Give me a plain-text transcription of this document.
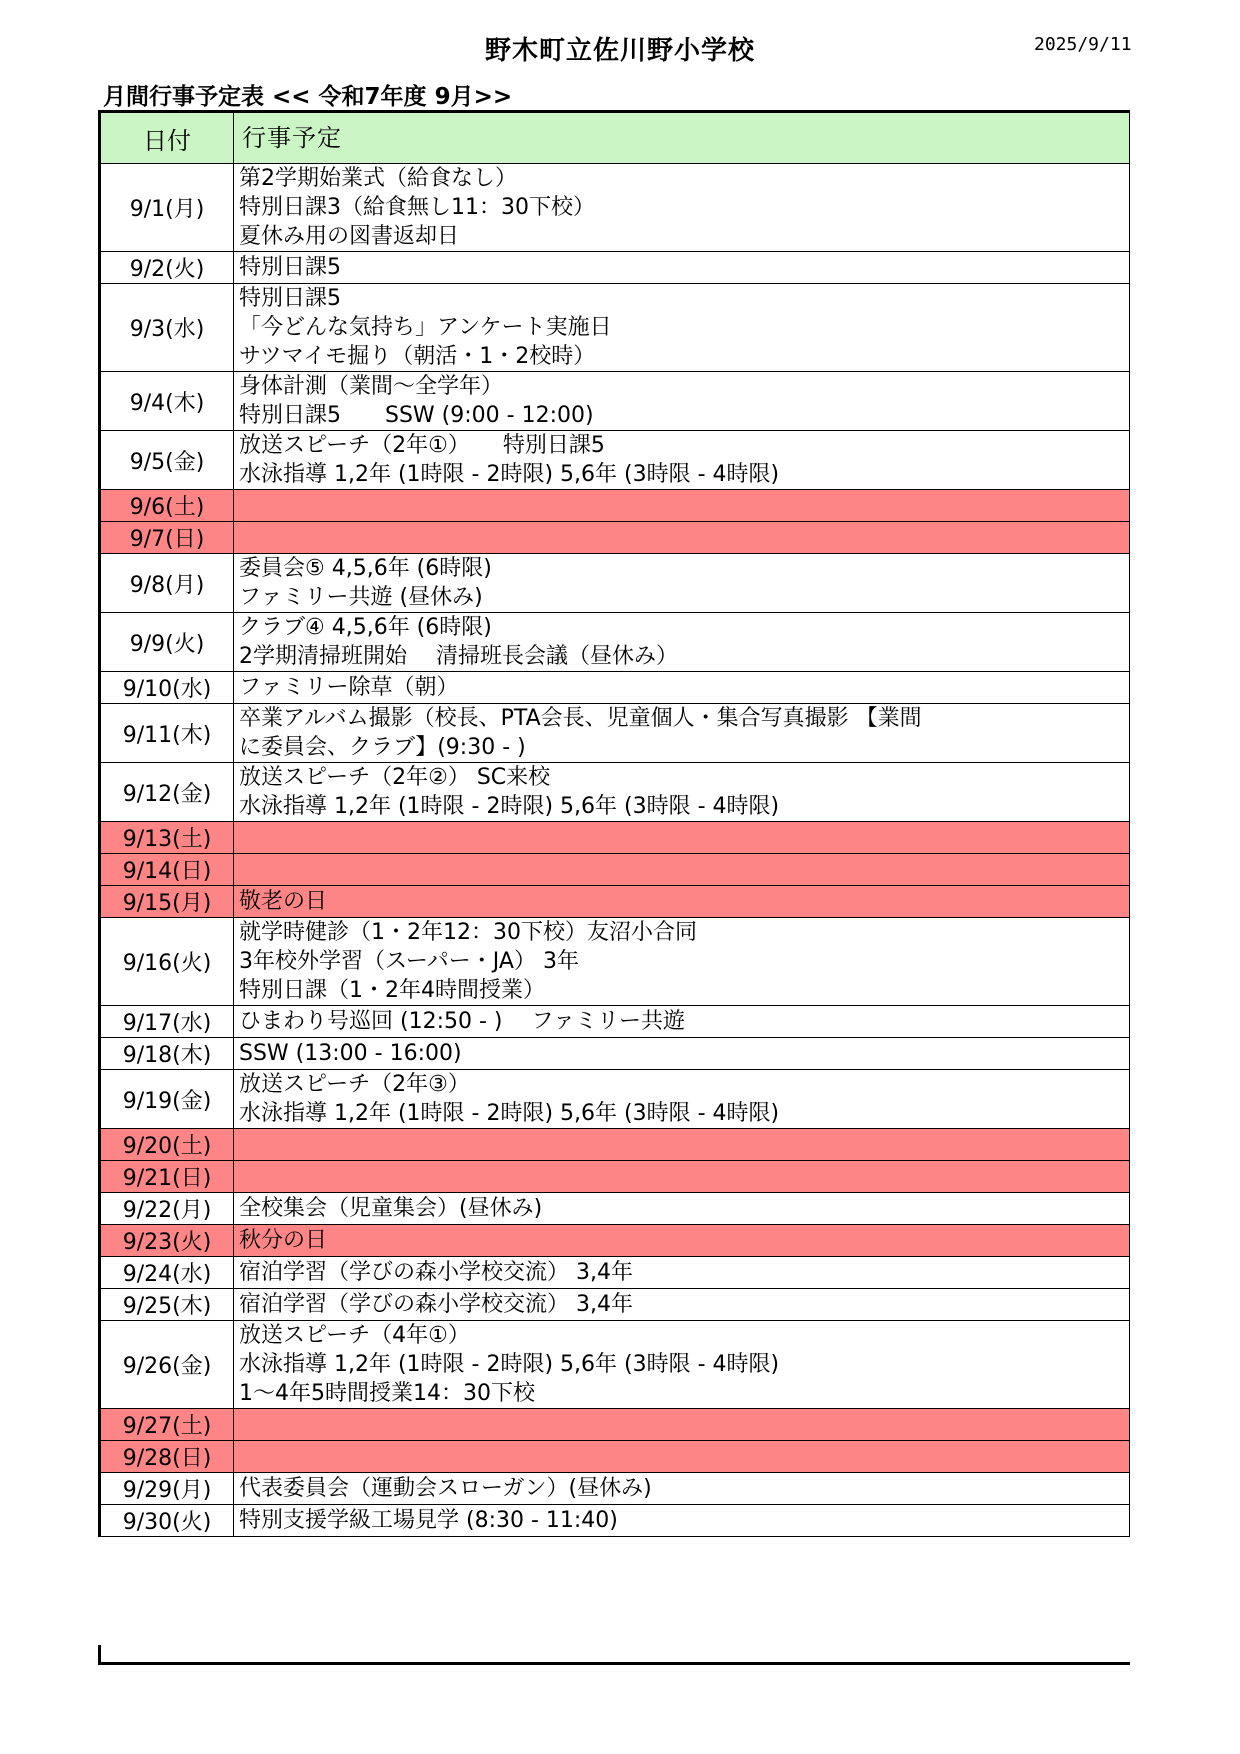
野木町立佐川野小学校	2025/9/11
月間行事予定表 << 令和7年度 9月>>
日付	行事予定
9/1(月)	第2学期始業式（給食なし）
特別日課3（給食無し11：30下校）
夏休み用の図書返却日

9/2(火)	特別日課5

9/3(水)	特別日課5
「今どんな気持ち」アンケート実施日
サツマイモ掘り（朝活・1・2校時）

9/4(木)	身体計測（業間～全学年）
特別日課5　　SSW (9:00 - 12:00)

9/5(金)	放送スピーチ（2年①）　　特別日課5
水泳指導 1,2年 (1時限 - 2時限) 5,6年 (3時限 - 4時限)

9/6(土)	
9/7(日)	
9/8(月)	委員会⑤ 4,5,6年 (6時限)
ファミリー共遊 (昼休み)

9/9(火)	クラブ④ 4,5,6年 (6時限)
2学期清掃班開始　 清掃班長会議（昼休み）

9/10(水)	ファミリー除草（朝）

9/11(木)	卒業アルバム撮影（校長、PTA会長、児童個人・集合写真撮影 【業間
に委員会、クラブ】(9:30 - )

9/12(金)	放送スピーチ（2年②） SC来校
水泳指導 1,2年 (1時限 - 2時限) 5,6年 (3時限 - 4時限)

9/13(土)	
9/14(日)	
9/15(月)	敬老の日

9/16(火)	就学時健診（1・2年12：30下校）友沼小合同
3年校外学習（スーパー・JA） 3年
特別日課（1・2年4時間授業）

9/17(水)	ひまわり号巡回 (12:50 - )　 ファミリー共遊

9/18(木)	SSW (13:00 - 16:00)

9/19(金)	放送スピーチ（2年③）
水泳指導 1,2年 (1時限 - 2時限) 5,6年 (3時限 - 4時限)

9/20(土)	
9/21(日)	
9/22(月)	全校集会（児童集会）(昼休み)

9/23(火)	秋分の日

9/24(水)	宿泊学習（学びの森小学校交流） 3,4年

9/25(木)	宿泊学習（学びの森小学校交流） 3,4年

9/26(金)	放送スピーチ（4年①）
水泳指導 1,2年 (1時限 - 2時限) 5,6年 (3時限 - 4時限)
1～4年5時間授業14：30下校

9/27(土)	
9/28(日)	
9/29(月)	代表委員会（運動会スローガン）(昼休み)

9/30(火)	特別支援学級工場見学 (8:30 - 11:40)
